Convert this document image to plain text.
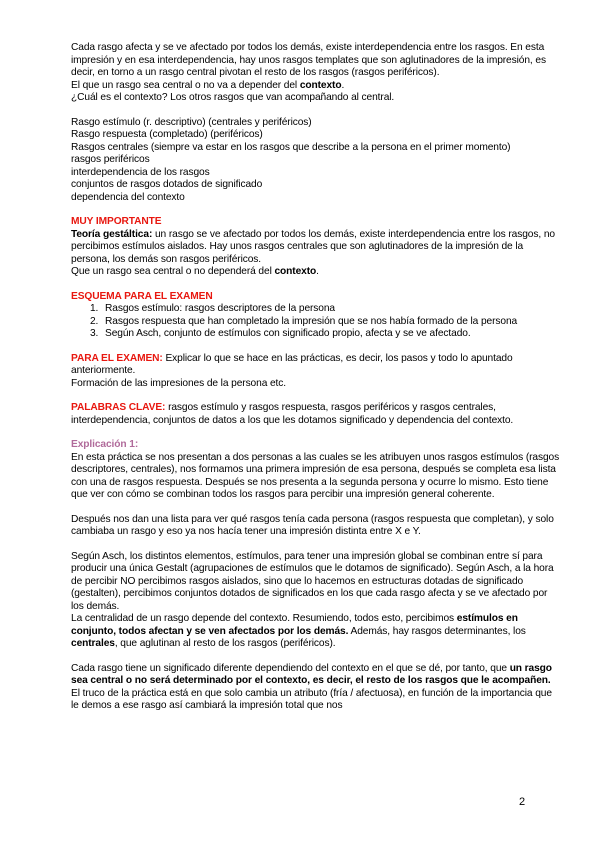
Cada rasgo afecta y se ve afectado por todos los demás, existe interdependencia entre los rasgos. En esta impresión y en esa interdependencia, hay unos rasgos templates que son aglutinadores de la impresión, es decir, en torno a un rasgo central pivotan el resto de los rasgos (rasgos periféricos).

El que un rasgo sea central o no va a depender del contexto.

¿Cuál es el contexto? Los otros rasgos que van acompañando al central.

Rasgo estímulo (r. descriptivo) (centrales y periféricos)

Rasgo respuesta (completado) (periféricos)

Rasgos centrales (siempre va estar en los rasgos que describe a la persona en el primer momento)

rasgos periféricos

interdependencia de los rasgos

conjuntos de rasgos dotados de significado

dependencia del contexto

MUY IMPORTANTE

Teoría gestáltica: un rasgo se ve afectado por todos los demás, existe interdependencia entre los rasgos, no percibimos estímulos aislados. Hay unos rasgos centrales que son aglutinadores de la impresión de la persona, los demás son rasgos periféricos.

Que un rasgo sea central o no dependerá del contexto.

ESQUEMA PARA EL EXAMEN

1. Rasgos estímulo: rasgos descriptores de la persona
2. Rasgos respuesta que han completado la impresión que se nos había formado de la persona
3. Según Asch, conjunto de estímulos con significado propio, afecta y se ve afectado.

PARA EL EXAMEN: Explicar lo que se hace en las prácticas, es decir, los pasos y todo lo apuntado anteriormente.

Formación de las impresiones de la persona etc.

PALABRAS CLAVE: rasgos estímulo y rasgos respuesta, rasgos periféricos y rasgos centrales, interdependencia, conjuntos de datos a los que les dotamos significado y dependencia del contexto.

Explicación 1:

En esta práctica se nos presentan a dos personas a las cuales se les atribuyen unos rasgos estímulos (rasgos descriptores, centrales), nos formamos una primera impresión de esa persona, después se completa esa lista con una de rasgos respuesta. Después se nos presenta a la segunda persona y ocurre lo mismo. Esto tiene que ver con cómo se combinan todos los rasgos para percibir una impresión general coherente.

Después nos dan una lista para ver qué rasgos tenía cada persona (rasgos respuesta que completan), y solo cambiaba un rasgo y eso ya nos hacía tener una impresión distinta entre X e Y.

Según Asch, los distintos elementos, estímulos, para tener una impresión global se combinan entre sí para producir una única Gestalt (agrupaciones de estímulos que le dotamos de significado). Según Asch, a la hora de percibir NO percibimos rasgos aislados, sino que lo hacemos en estructuras dotadas de significado (gestalten), percibimos conjuntos dotados de significados en los que cada rasgo afecta y se ve afectado por los demás.

La centralidad de un rasgo depende del contexto. Resumiendo, todos esto, percibimos estímulos en conjunto, todos afectan y se ven afectados por los demás. Además, hay rasgos determinantes, los centrales, que aglutinan al resto de los rasgos (periféricos).

Cada rasgo tiene un significado diferente dependiendo del contexto en el que se dé, por tanto, que un rasgo sea central o no será determinado por el contexto, es decir, el resto de los rasgos que le acompañen. El truco de la práctica está en que solo cambia un atributo (fría / afectuosa), en función de la importancia que le demos a ese rasgo así cambiará la impresión total que nos

2
